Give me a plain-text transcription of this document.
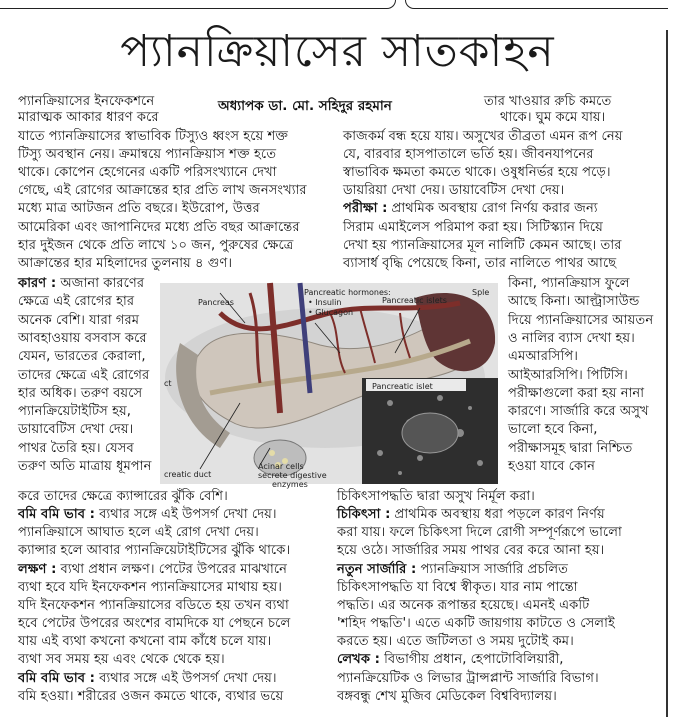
প্যানক্রিয়াসের সাতকাহন
প্যানক্রিয়াসের ইনফেকশনে
মারাত্মক আকার ধারণ করে
অধ্যাপক ডা. মো. সহিদুর রহমান	তার খাওয়ার রুচি কমতে
থাকে। ঘুম কমে যায়।
যাতে প্যানক্রিয়াসের স্বাভাবিক টিস্যুও ধ্বংস হয়ে শক্ত
টিস্যু অবস্থান নেয়। ক্রমান্বয়ে প্যানক্রিয়াস শক্ত হতে
থাকে। কোপেন হেগেনের একটি পরিসংখ্যানে দেখা
গেছে, এই রোগের আক্রান্তের হার প্রতি লাখ জনসংখ্যার
মধ্যে মাত্র আটজন প্রতি বছরে। ইউরোপ, উত্তর
আমেরিকা এবং জাপানিদের মধ্যে প্রতি বছর আক্রান্তের
হার দুইজন থেকে প্রতি লাখে ১০ জন, পুরুষের ক্ষেত্রে
আক্রান্তের হার মহিলাদের তুলনায় ৪ গুণ।
কারণ : অজানা কারণের
ক্ষেত্রে এই রোগের হার
অনেক বেশি। যারা গরম
আবহাওয়ায় বসবাস করে
যেমন, ভারতের কেরালা,
তাদের ক্ষেত্রে এই রোগের
হার অধিক। তরুণ বয়সে
প্যানক্রিয়েটাইটিস হয়,
ডায়াবেটিস দেখা দেয়।
পাথর তৈরি হয়। যেসব
তরুণ অতি মাত্রায় ধূমপান
করে তাদের ক্ষেত্রে ক্যান্সারের ঝুঁকি বেশি।
বমি বমি ভাব : ব্যথার সঙ্গে এই উপসর্গ দেখা দেয়।
প্যানক্রিয়াসে আঘাত হলে এই রোগ দেখা দেয়।
ক্যান্সার হলে আবার প্যানক্রিয়েটাইটিসের ঝুঁকি থাকে।
লক্ষণ : ব্যথা প্রধান লক্ষণ। পেটের উপরের মাঝখানে
ব্যথা হবে যদি ইনফেকশন প্যানক্রিয়াসের মাথায় হয়।
যদি ইনফেকশন প্যানক্রিয়াসের বডিতে হয় তখন ব্যথা
হবে পেটের উপরের অংশের বামদিকে যা পেছনে চলে
যায় এই ব্যথা কখনো কখনো বাম কাঁধে চলে যায়।
ব্যথা সব সময় হয় এবং থেকে থেকে হয়।
বমি বমি ভাব : ব্যথার সঙ্গে এই উপসর্গ দেখা দেয়।
বমি হওয়া। শরীরের ওজন কমতে থাকে, ব্যথার ভয়ে
কাজকর্ম বন্ধ হয়ে যায়। অসুখের তীব্রতা এমন রূপ নেয়
যে, বারবার হাসপাতালে ভর্তি হয়। জীবনযাপনের
স্বাভাবিক ক্ষমতা কমতে থাকে। ওষুধনির্ভর হয়ে পড়ে।
ডায়রিয়া দেখা দেয়। ডায়াবেটিস দেখা দেয়।
পরীক্ষা : প্রাথমিক অবস্থায় রোগ নির্ণয় করার জন্য
সিরাম এমাইলেস পরিমাপ করা হয়। সিটিস্ক্যান দিয়ে
দেখা হয় প্যানক্রিয়াসের মূল নালিটি কেমন আছে। তার
ব্যাসার্ধ বৃদ্ধি পেয়েছে কিনা, তার নালিতে পাথর আছে
কিনা, প্যানক্রিয়াস ফুলে
আছে কিনা। আল্ট্রাসাউন্ড
দিয়ে প্যানক্রিয়াসের আয়তন
ও নালির ব্যাস দেখা হয়।
এমআরসিপি।
আইআরসিপি। পিটিসি।
পরীক্ষাগুলো করা হয় নানা
কারণে। সার্জারি করে অসুখ
ভালো হবে কিনা,
পরীক্ষাসমূহ দ্বারা নিশ্চিত
হওয়া যাবে কোন
চিকিৎসাপদ্ধতি দ্বারা অসুখ নির্মূল করা।
চিকিৎসা : প্রাথমিক অবস্থায় ধরা পড়লে কারণ নির্ণয়
করা যায়। ফলে চিকিৎসা দিলে রোগী সম্পূর্ণরূপে ভালো
হয়ে ওঠে। সার্জারির সময় পাথর বের করে আনা হয়।
নতুন সার্জারি : প্যানক্রিয়াস সার্জারি প্রচলিত
চিকিৎসাপদ্ধতি যা বিশ্বে স্বীকৃত। যার নাম পান্তো
পদ্ধতি। এর অনেক রূপান্তর হয়েছে। এমনই একটি
'শহিদ পদ্ধতি'। এতে একটি জায়গায় কাটতে ও সেলাই
করতে হয়। এতে জটিলতা ও সময় দুটোই কম।
লেখক : বিভাগীয় প্রধান, হেপাটোবিলিয়ারী,
প্যানক্রিয়েটিক ও লিভার ট্রান্সপ্লান্ট সার্জারি বিভাগ।
বঙ্গবন্ধু শেখ মুজিব মেডিকেল বিশ্ববিদ্যালয়।
Pancreas
Pancreatic hormones:
• Insulin
• Glucagon
Pancreatic islets
Sple
Pancreatic islet
ct
creatic duct
Acinar cells
secrete digestive
enzymes
